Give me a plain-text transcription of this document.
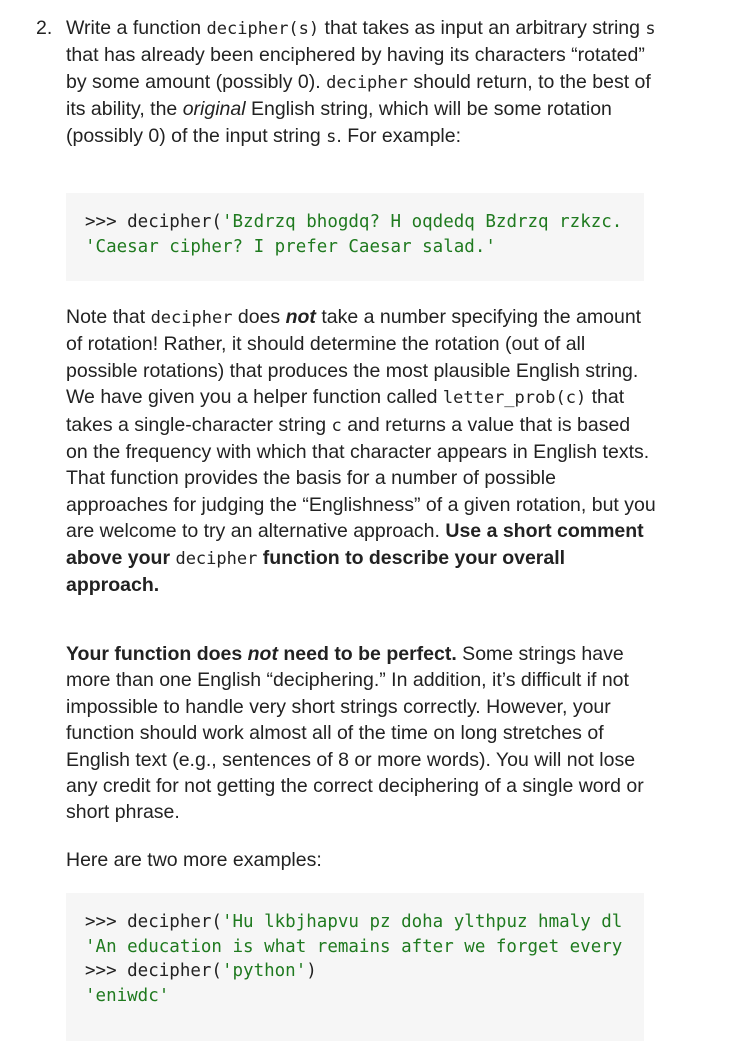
2. Write a function decipher(s) that takes as input an arbitrary string s that has already been enciphered by having its characters “rotated” by some amount (possibly 0). decipher should return, to the best of its ability, the original English string, which will be some rotation (possibly 0) of the input string s. For example:

>>> decipher('Bzdrzq bhogdq? H oqdedq Bzdrzq rzkzc.
'Caesar cipher? I prefer Caesar salad.'

Note that decipher does not take a number specifying the amount of rotation! Rather, it should determine the rotation (out of all possible rotations) that produces the most plausible English string. We have given you a helper function called letter_prob(c) that takes a single-character string c and returns a value that is based on the frequency with which that character appears in English texts. That function provides the basis for a number of possible approaches for judging the “Englishness” of a given rotation, but you are welcome to try an alternative approach. Use a short comment above your decipher function to describe your overall approach.

Your function does not need to be perfect. Some strings have more than one English “deciphering.” In addition, it’s difficult if not impossible to handle very short strings correctly. However, your function should work almost all of the time on long stretches of English text (e.g., sentences of 8 or more words). You will not lose any credit for not getting the correct deciphering of a single word or short phrase.

Here are two more examples:

>>> decipher('Hu lkbjhapvu pz doha ylthpuz hmaly dl
'An education is what remains after we forget every
>>> decipher('python')
'eniwdc'
